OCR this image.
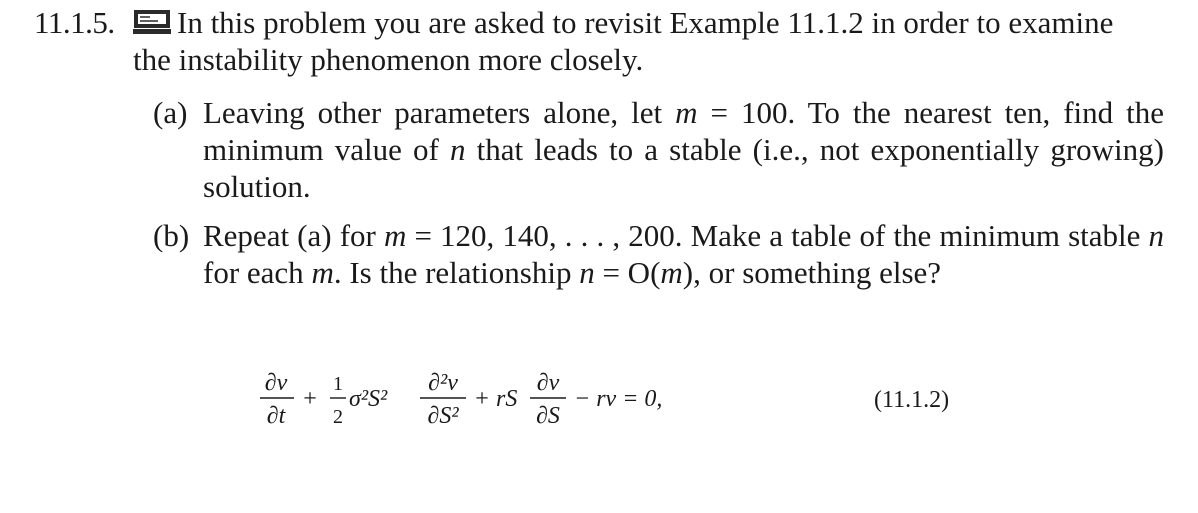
11.1.5. In this problem you are asked to revisit Example 11.1.2 in order to examine
the instability phenomenon more closely.
(a) Leaving other parameters alone, let m = 100. To the nearest ten, find the minimum value of n that leads to a stable (i.e., not exponentially growing) solution.
(b) Repeat (a) for m = 120, 140, . . . , 200. Make a table of the minimum stable n for each m. Is the relationship n = O(m), or something else?
∂v
∂t
+
1
2
σ²S²
∂²v
∂S²
+ rS
∂v
∂S
− rv = 0,	(11.1.2)
